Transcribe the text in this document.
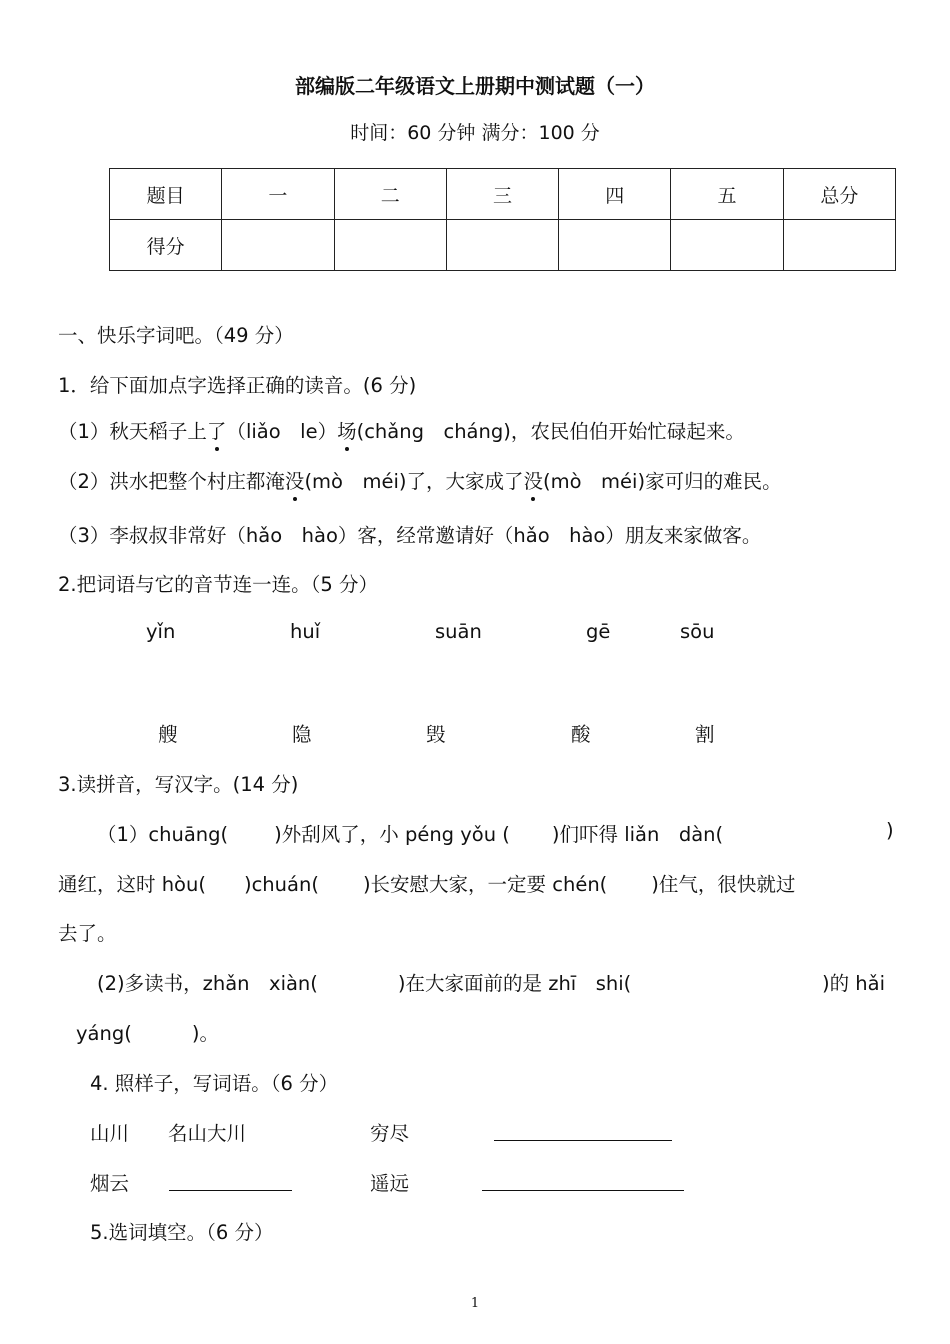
部编版二年级语文上册期中测试题（一）
时间：60 分钟 满分：100 分
题目	一	二	三	四	五	总分
得分						
一、快乐字词吧。（49 分）
1．给下面加点字选择正确的读音。(6 分)
（1）秋天稻子上了（liǎo　le）场(chǎng　cháng)，农民伯伯开始忙碌起来。
（2）洪水把整个村庄都淹没(mò　méi)了，大家成了没(mò　méi)家可归的难民。
（3）李叔叔非常好（hǎo　hào）客，经常邀请好（hǎo　hào）朋友来家做客。
2.把词语与它的音节连一连。（5 分）
yǐn	huǐ	suān	gē	sōu
艘	隐	毁	酸	割
3.读拼音，写汉字。(14 分)
（1）chuāng( )外刮风了，小 péng yǒu ( )们吓得 liǎn　dàn(	)
通红，这时 hòu( )chuán( )长安慰大家，一定要 chén( )住气，很快就过
去了。
(2)多读书，zhǎn　xiàn(	)在大家面前的是 zhī　shi(	)的 hǎi
yáng(	)。
4. 照样子，写词语。（6 分）
山川 名山大川	穷尽
烟云	遥远
5.选词填空。（6 分）
1
